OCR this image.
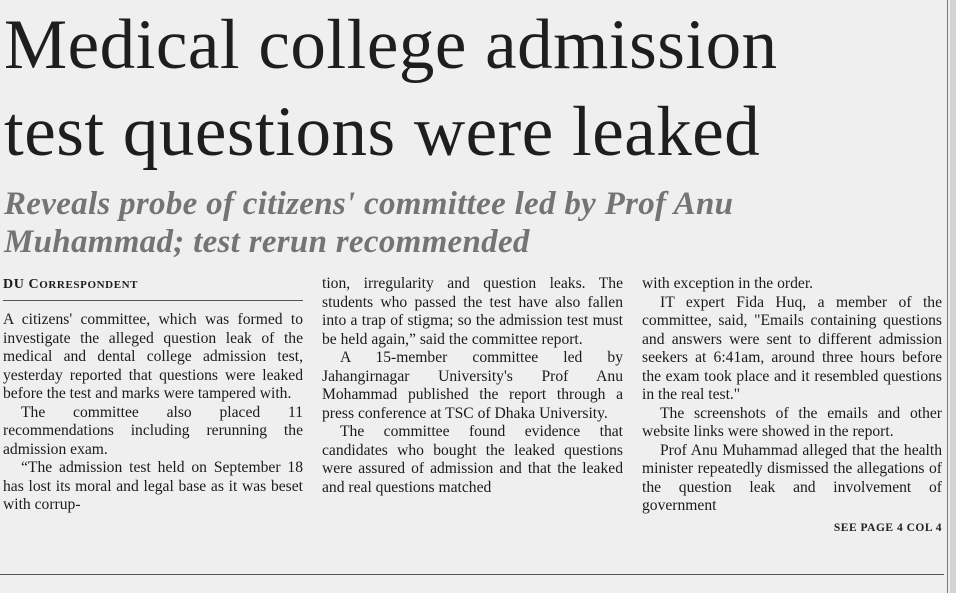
Medical college admission
test questions were leaked
Reveals probe of citizens' committee led by Prof Anu
Muhammad; test rerun recommended
DU CORRESPONDENT

A citizens' committee, which was formed to investigate the alleged question leak of the medical and dental college admission test, yesterday reported that questions were leaked before the test and marks were tampered with.

The committee also placed 11 recommendations including rerunning the admission exam.

“The admission test held on September 18 has lost its moral and legal base as it was beset with corrup-

tion, irregularity and question leaks. The students who passed the test have also fallen into a trap of stigma; so the admission test must be held again,” said the committee report.

A 15-member committee led by Jahangirnagar University's Prof Anu Mohammad published the report through a press conference at TSC of Dhaka University.

The committee found evidence that candidates who bought the leaked questions were assured of admission and that the leaked and real questions matched

with exception in the order.

IT expert Fida Huq, a member of the committee, said, "Emails containing questions and answers were sent to different admission seekers at 6:41am, around three hours before the exam took place and it resembled questions in the real test."

The screenshots of the emails and other website links were showed in the report.

Prof Anu Muhammad alleged that the health minister repeatedly dismissed the allegations of the question leak and involvement of government

SEE PAGE 4 COL 4
